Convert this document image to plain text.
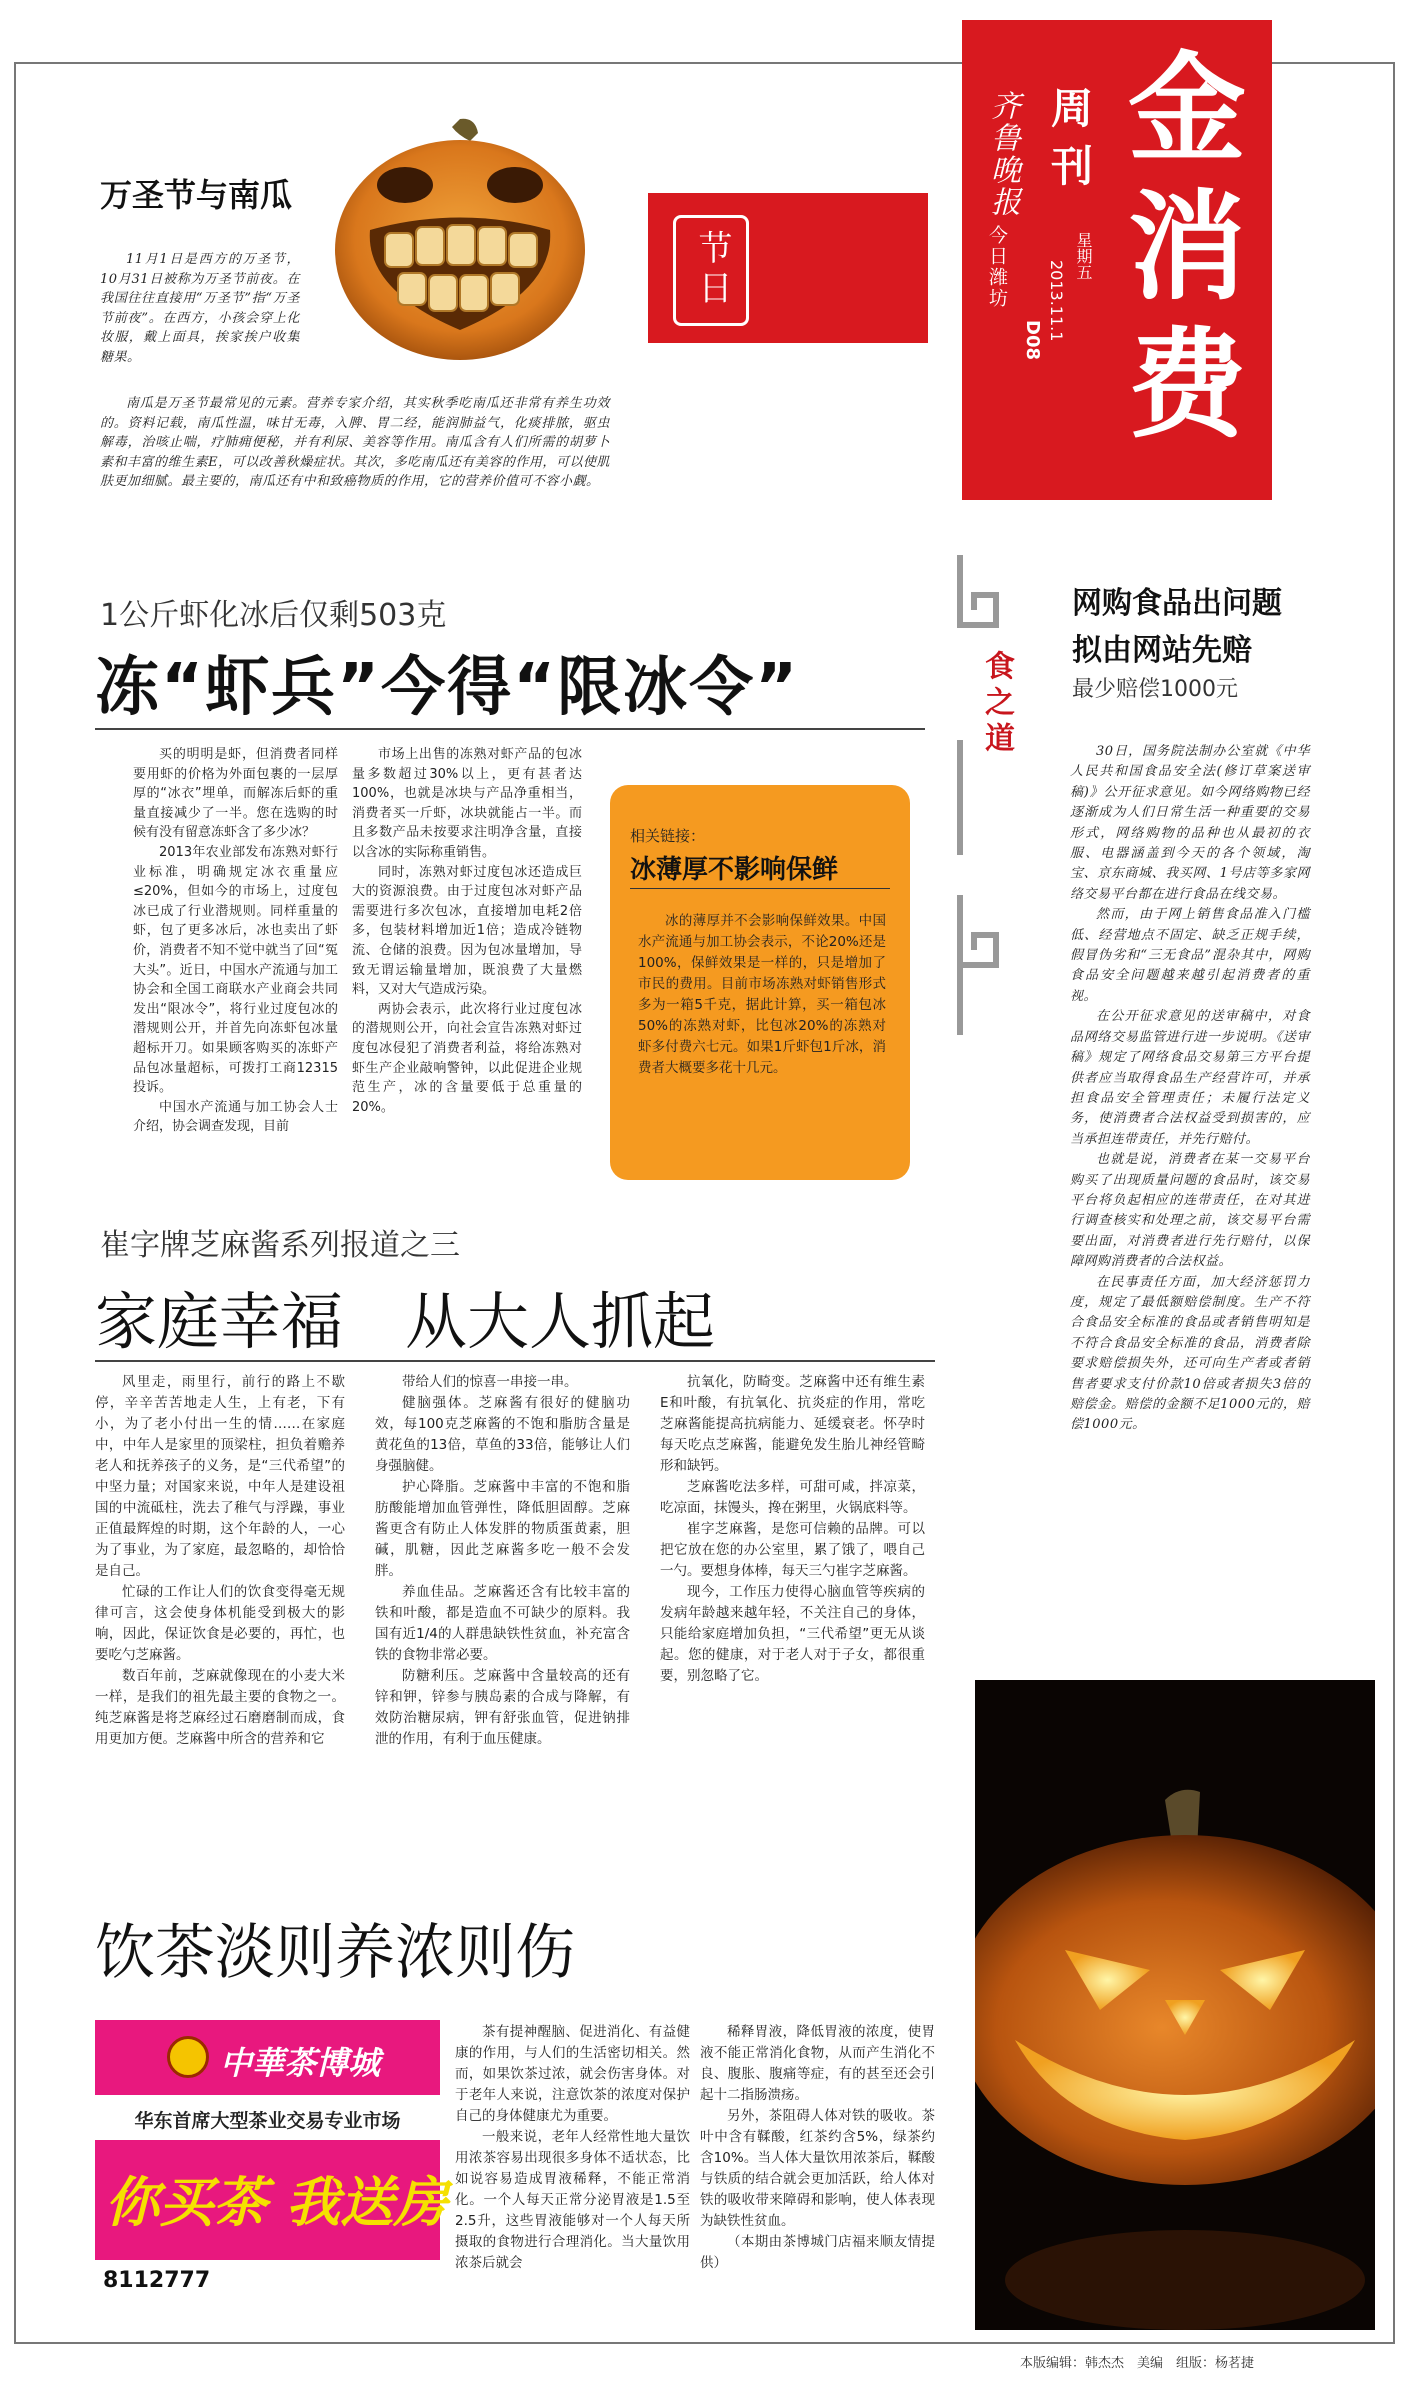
金
消
费
周刊
齐鲁晚报
今日潍坊	星期五
2013.11.1
D08
节日
万圣节与南瓜

11月1日是西方的万圣节，10月31日被称为万圣节前夜。在我国往往直接用“万圣节”指“万圣节前夜”。在西方，小孩会穿上化妆服，戴上面具，挨家挨户收集糖果。

南瓜是万圣节最常见的元素。营养专家介绍，其实秋季吃南瓜还非常有养生功效的。资料记载，南瓜性温，味甘无毒，入脾、胃二经，能润肺益气，化痰排脓，驱虫解毒，治咳止喘，疗肺痈便秘，并有利尿、美容等作用。南瓜含有人们所需的胡萝卜素和丰富的维生素E，可以改善秋燥症状。其次，多吃南瓜还有美容的作用，可以使肌肤更加细腻。最主要的，南瓜还有中和致癌物质的作用，它的营养价值可不容小觑。

1公斤虾化冰后仅剩503克
冻“虾兵”今得“限冰令”

买的明明是虾，但消费者同样要用虾的价格为外面包裹的一层厚厚的“冰衣”埋单，而解冻后虾的重量直接减少了一半。您在选购的时候有没有留意冻虾含了多少冰？

2013年农业部发布冻熟对虾行业标准，明确规定冰衣重量应≤20%，但如今的市场上，过度包冰已成了行业潜规则。同样重量的虾，包了更多冰后，冰也卖出了虾价，消费者不知不觉中就当了回“冤大头”。近日，中国水产流通与加工协会和全国工商联水产业商会共同发出“限冰令”，将行业过度包冰的潜规则公开，并首先向冻虾包冰量超标开刀。如果顾客购买的冻虾产品包冰量超标，可拨打工商12315投诉。

中国水产流通与加工协会人士介绍，协会调查发现，目前

市场上出售的冻熟对虾产品的包冰量多数超过30%以上，更有甚者达100%，也就是冰块与产品净重相当，消费者买一斤虾，冰块就能占一半。而且多数产品未按要求注明净含量，直接以含冰的实际称重销售。

同时，冻熟对虾过度包冰还造成巨大的资源浪费。由于过度包冰对虾产品需要进行多次包冰，直接增加电耗2倍多，包装材料增加近1倍；造成冷链物流、仓储的浪费。因为包冰量增加，导致无谓运输量增加，既浪费了大量燃料，又对大气造成污染。

两协会表示，此次将行业过度包冰的潜规则公开，向社会宣告冻熟对虾过度包冰侵犯了消费者利益，将给冻熟对虾生产企业敲响警钟，以此促进企业规范生产，冰的含量要低于总重量的20%。

相关链接：
冰薄厚不影响保鲜

冰的薄厚并不会影响保鲜效果。中国水产流通与加工协会表示，不论20%还是100%，保鲜效果是一样的，只是增加了市民的费用。目前市场冻熟对虾销售形式多为一箱5千克，据此计算，买一箱包冰50%的冻熟对虾，比包冰20%的冻熟对虾多付费六七元。如果1斤虾包1斤冰，消费者大概要多花十几元。

食之道
网购食品出问题
拟由网站先赔
最少赔偿1000元

30日，国务院法制办公室就《中华人民共和国食品安全法(修订草案送审稿)》公开征求意见。如今网络购物已经逐渐成为人们日常生活一种重要的交易形式，网络购物的品种也从最初的衣服、电器涵盖到今天的各个领域，淘宝、京东商城、我买网、1号店等多家网络交易平台都在进行食品在线交易。

然而，由于网上销售食品准入门槛低、经营地点不固定、缺乏正规手续，假冒伪劣和“三无食品”混杂其中，网购食品安全问题越来越引起消费者的重视。

在公开征求意见的送审稿中，对食品网络交易监管进行进一步说明。《送审稿》规定了网络食品交易第三方平台提供者应当取得食品生产经营许可，并承担食品安全管理责任；未履行法定义务，使消费者合法权益受到损害的，应当承担连带责任，并先行赔付。

也就是说，消费者在某一交易平台购买了出现质量问题的食品时，该交易平台将负起相应的连带责任，在对其进行调查核实和处理之前，该交易平台需要出面，对消费者进行先行赔付，以保障网购消费者的合法权益。

在民事责任方面，加大经济惩罚力度，规定了最低额赔偿制度。生产不符合食品安全标准的食品或者销售明知是不符合食品安全标准的食品，消费者除要求赔偿损失外，还可向生产者或者销售者要求支付价款10倍或者损失3倍的赔偿金。赔偿的金额不足1000元的，赔偿1000元。

崔字牌芝麻酱系列报道之三
家庭幸福　从大人抓起

风里走，雨里行，前行的路上不歇停，辛辛苦苦地走人生，上有老，下有小，为了老小付出一生的情……在家庭中，中年人是家里的顶梁柱，担负着赡养老人和抚养孩子的义务，是“三代希望”的中坚力量；对国家来说，中年人是建设祖国的中流砥柱，洗去了稚气与浮躁，事业正值最辉煌的时期，这个年龄的人，一心为了事业，为了家庭，最忽略的，却恰恰是自己。

忙碌的工作让人们的饮食变得毫无规律可言，这会使身体机能受到极大的影响，因此，保证饮食是必要的，再忙，也要吃勺芝麻酱。

数百年前，芝麻就像现在的小麦大米一样，是我们的祖先最主要的食物之一。纯芝麻酱是将芝麻经过石磨磨制而成，食用更加方便。芝麻酱中所含的营养和它

带给人们的惊喜一串接一串。

健脑强体。芝麻酱有很好的健脑功效，每100克芝麻酱的不饱和脂肪含量是黄花鱼的13倍，草鱼的33倍，能够让人们身强脑健。

护心降脂。芝麻酱中丰富的不饱和脂肪酸能增加血管弹性，降低胆固醇。芝麻酱更含有防止人体发胖的物质蛋黄素，胆碱，肌糖，因此芝麻酱多吃一般不会发胖。

养血佳品。芝麻酱还含有比较丰富的铁和叶酸，都是造血不可缺少的原料。我国有近1/4的人群患缺铁性贫血，补充富含铁的食物非常必要。

防糖利压。芝麻酱中含量较高的还有锌和钾，锌参与胰岛素的合成与降解，有效防治糖尿病，钾有舒张血管，促进钠排泄的作用，有利于血压健康。

抗氧化，防畸变。芝麻酱中还有维生素E和叶酸，有抗氧化、抗炎症的作用，常吃芝麻酱能提高抗病能力、延缓衰老。怀孕时每天吃点芝麻酱，能避免发生胎儿神经管畸形和缺钙。

芝麻酱吃法多样，可甜可咸，拌凉菜，吃凉面，抹馒头，搀在粥里，火锅底料等。

崔字芝麻酱，是您可信赖的品牌。可以把它放在您的办公室里，累了饿了，喂自己一勺。要想身体棒，每天三勺崔字芝麻酱。

现今，工作压力使得心脑血管等疾病的发病年龄越来越年轻，不关注自己的身体，只能给家庭增加负担，“三代希望”更无从谈起。您的健康，对于老人对于子女，都很重要，别忽略了它。

饮茶淡则养浓则伤
中華茶博城
华东首席大型茶业交易专业市场
你买茶 我送房
8112777

茶有提神醒脑、促进消化、有益健康的作用，与人们的生活密切相关。然而，如果饮茶过浓，就会伤害身体。对于老年人来说，注意饮茶的浓度对保护自己的身体健康尤为重要。

一般来说，老年人经常性地大量饮用浓茶容易出现很多身体不适状态，比如说容易造成胃液稀释，不能正常消化。一个人每天正常分泌胃液是1.5至2.5升，这些胃液能够对一个人每天所摄取的食物进行合理消化。当大量饮用浓茶后就会

稀释胃液，降低胃液的浓度，使胃液不能正常消化食物，从而产生消化不良、腹胀、腹痛等症，有的甚至还会引起十二指肠溃疡。

另外，茶阻碍人体对铁的吸收。茶叶中含有鞣酸，红茶约含5%，绿茶约含10%。当人体大量饮用浓茶后，鞣酸与铁质的结合就会更加活跃，给人体对铁的吸收带来障碍和影响，使人体表现为缺铁性贫血。

（本期由茶博城门店福来顺友情提供）

本版编辑：韩杰杰　美编　组版：杨茗捷
